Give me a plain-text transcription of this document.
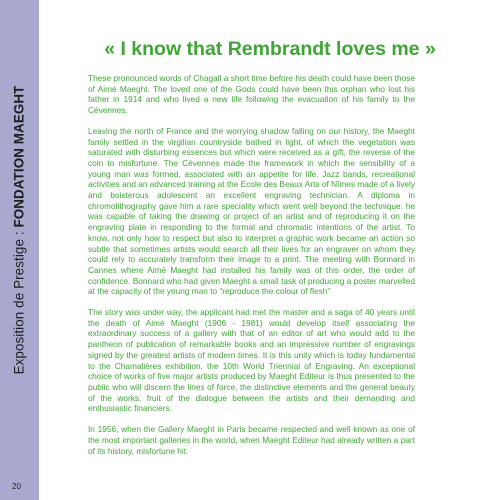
Exposition de Prestige : FONDATION MAEGHT
20
« I know that Rembrandt loves me »

These pronounced words of Chagall a short time before his death could have been those of Aimé Maeght. The loved one of the Gods could have been this orphan who lost his father in 1914 and who lived a new life following the evacuation of his family to the Cévennes.

Leaving the north of France and the worrying shadow falling on our history, the Maeght family settled in the virgilian countryside bathed in light, of which the vegetation was saturated with disturbing essences but which were received as a gift, the reverse of the coin to misfortune. The Cévennes made the framework in which the sensibility of a young man was formed, associated with an appetite for life. Jazz bands, recreational activities and an advanced training at the Ecole des Beaux Arts of Nîmes made of a lively and boisterous adolescent an excellent engraving technician. A diploma in chromolithography gave him a rare speciality which went well beyond the technique: he was capable of taking the drawing or project of an artist and of reproducing it on the engraving plate in responding to the formal and chromatic intentions of the artist. To know, not only how to respect but also to interpret a graphic work became an action so subtle that sometimes artists would search all their lives for an engraver on whom they could rely to accurately transform their image to a print. The meeting with Bonnard in Cannes where Aimé Maeght had installed his family was of this order, the order of confidence. Bonnard who had given Maeght a small task of producing a poster marvelled at the capacity of the young man to “reproduce the colour of flesh”

The story was under way, the applicant had met the master and a saga of 40 years until the death of Aimé Maeght (1906 - 1981) would develop itself associating the extraordinary success of a gallery with that of an editor of art who would add to the pantheon of publication of remarkable books and an impressive number of engravings signed by the greatest artists of modern times. It is this unity which is today fundamental to the Chamalières exhibition, the 10th World Triennial of Engraving. An exceptional choice of works of five major artists produced by Maeght Editeur is thus presented to the public who will discern the lines of force, the distinctive elements and the general beauty of the works, fruit of the dialogue between the artists and their demanding and enthusiastic financiers.

In 1956, when the Gallery Maeght in Paris became respected and well known as one of the most important galleries in the world, when Maeght Editeur had already written a part of its history, misfortune hit.
